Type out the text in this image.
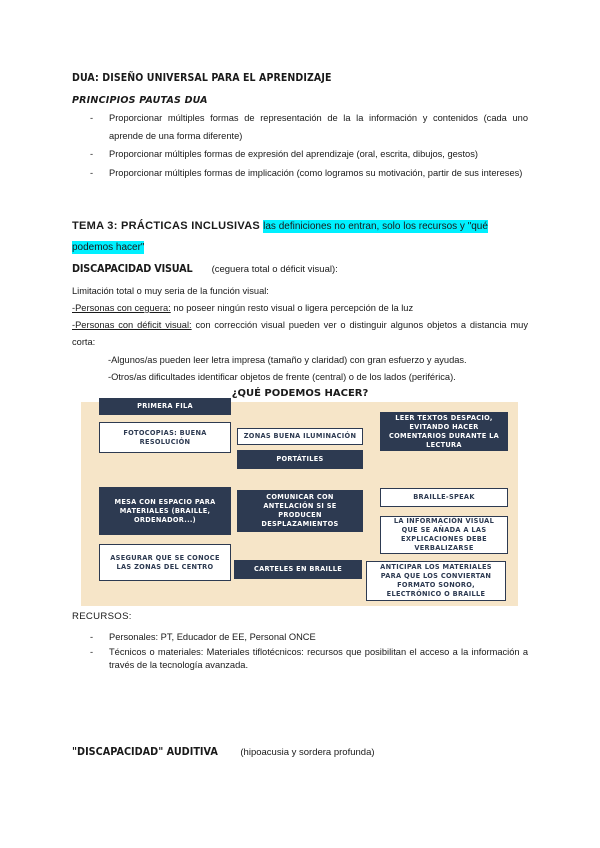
DUA: DISEÑO UNIVERSAL PARA EL APRENDIZAJE
PRINCIPIOS PAUTAS DUA
- Proporcionar múltiples formas de representación de la la información y contenidos (cada uno aprende de una forma diferente)
- Proporcionar múltiples formas de expresión del aprendizaje (oral, escrita, dibujos, gestos)
- Proporcionar múltiples formas de implicación (como logramos su motivación, partir de sus intereses)
TEMA 3: PRÁCTICAS INCLUSIVAS las definiciones no entran, solo los recursos y "qué podemos hacer"
DISCAPACIDAD VISUAL (ceguera total o déficit visual):
Limitación total o muy seria de la función visual:
-Personas con ceguera: no poseer ningún resto visual o ligera percepción de la luz
-Personas con déficit visual: con corrección visual pueden ver o distinguir algunos objetos a distancia muy corta:
-Algunos/as pueden leer letra impresa (tamaño y claridad) con gran esfuerzo y ayudas.
-Otros/as dificultades identificar objetos de frente (central) o de los lados (periférica).
¿QUÉ PODEMOS HACER?
PRIMERA FILA
FOTOCOPIAS: BUENA RESOLUCIÓN
MESA CON ESPACIO PARA MATERIALES (BRAILLE, ORDENADOR...)
ASEGURAR QUE SE CONOCE LAS ZONAS DEL CENTRO
ZONAS BUENA ILUMINACIÓN
PORTÁTILES
COMUNICAR CON ANTELACIÓN SI SE PRODUCEN DESPLAZAMIENTOS
CARTELES EN BRAILLE
LEER TEXTOS DESPACIO, EVITANDO HACER COMENTARIOS DURANTE LA LECTURA
BRAILLE-SPEAK
LA INFORMACIÓN VISUAL QUE SE AÑADA A LAS EXPLICACIONES DEBE VERBALIZARSE
ANTICIPAR LOS MATERIALES PARA QUE LOS CONVIERTAN FORMATO SONORO, ELECTRÓNICO O BRAILLE
RECURSOS:
- Personales: PT, Educador de EE, Personal ONCE
- Técnicos o materiales: Materiales tiflotécnicos: recursos que posibilitan el acceso a la información a través de la tecnología avanzada.
"DISCAPACIDAD" AUDITIVA (hipoacusia y sordera profunda)
